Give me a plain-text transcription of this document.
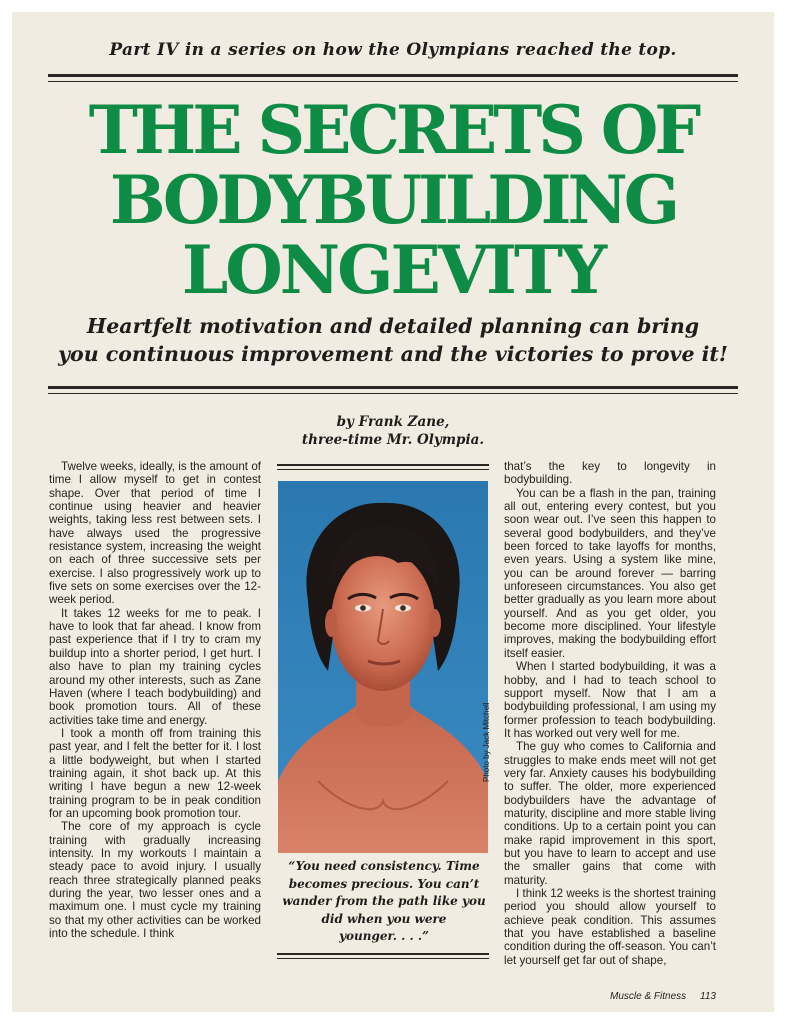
Part IV in a series on how the Olympians reached the top.
THE SECRETS OF
BODYBUILDING
LONGEVITY
Heartfelt motivation and detailed planning can bring
you continuous improvement and the victories to prove it!
by Frank Zane,
three-time Mr. Olympia.

Twelve weeks, ideally, is the amount of time I allow myself to get in contest shape. Over that period of time I continue using heavier and heavier weights, taking less rest between sets. I have always used the progressive resistance system, increasing the weight on each of three successive sets per exercise. I also progressively work up to five sets on some exercises over the 12-week period.

It takes 12 weeks for me to peak. I have to look that far ahead. I know from past experience that if I try to cram my buildup into a shorter period, I get hurt. I also have to plan my training cycles around my other interests, such as Zane Haven (where I teach bodybuilding) and book promotion tours. All of these activities take time and energy.

I took a month off from training this past year, and I felt the better for it. I lost a little bodyweight, but when I started training again, it shot back up. At this writing I have begun a new 12-week training program to be in peak condition for an upcoming book promotion tour.

The core of my approach is cycle training with gradually increasing intensity. In my workouts I maintain a steady pace to avoid injury. I usually reach three strategically planned peaks during the year, two lesser ones and a maximum one. I must cycle my training so that my other activities can be worked into the schedule. I think

Photo by Jack Mitchell
“You need consistency. Time
becomes precious. You can’t
wander from the path like you
did when you were
younger. . . .”

that’s the key to longevity in bodybuilding.

You can be a flash in the pan, training all out, entering every contest, but you soon wear out. I’ve seen this happen to several good bodybuilders, and they’ve been forced to take layoffs for months, even years. Using a system like mine, you can be around forever — barring unforeseen circumstances. You also get better gradually as you learn more about yourself. And as you get older, you become more disciplined. Your lifestyle improves, making the bodybuilding effort itself easier.

When I started bodybuilding, it was a hobby, and I had to teach school to support myself. Now that I am a bodybuilding professional, I am using my former profession to teach bodybuilding. It has worked out very well for me.

The guy who comes to California and struggles to make ends meet will not get very far. Anxiety causes his bodybuilding to suffer. The older, more experienced bodybuilders have the advantage of maturity, discipline and more stable living conditions. Up to a certain point you can make rapid improvement in this sport, but you have to learn to accept and use the smaller gains that come with maturity.

I think 12 weeks is the shortest training period you should allow yourself to achieve peak condition. This assumes that you have established a baseline condition during the off-season. You can’t let yourself get far out of shape,

Muscle & Fitness 113
